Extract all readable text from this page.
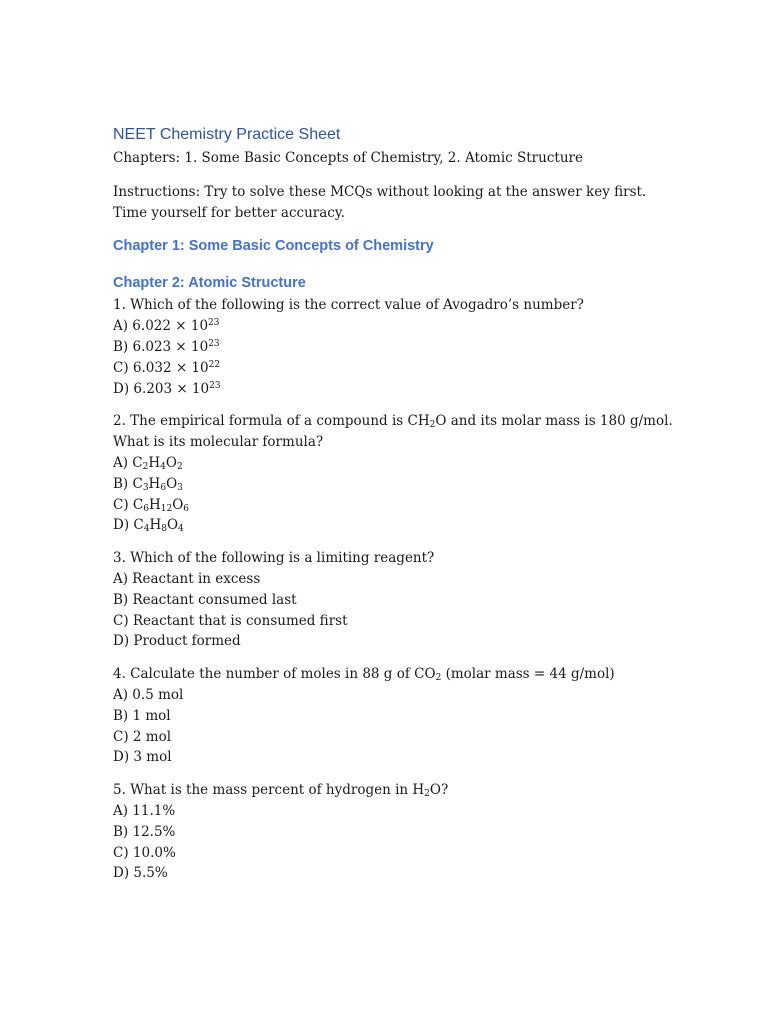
NEET Chemistry Practice Sheet

Chapters: 1. Some Basic Concepts of Chemistry, 2. Atomic Structure

Instructions: Try to solve these MCQs without looking at the answer key first. Time yourself for better accuracy.

Chapter 1: Some Basic Concepts of Chemistry
Chapter 2: Atomic Structure

1. Which of the following is the correct value of Avogadro’s number?

A) $6.022 \times 10^{23}$

B) $6.023 \times 10^{23}$

C) $6.032 \times 10^{22}$

D) $6.203 \times 10^{23}$

2. The empirical formula of a compound is $CH_2O$ and its molar mass is 180 g/mol.

What is its molecular formula?

A) $C_2H_4O_2$

B) $C_3H_6O_3$

C) $C_6H_{12}O_6$

D) $C_4H_8O_4$

3. Which of the following is a limiting reagent?

A) Reactant in excess

B) Reactant consumed last

C) Reactant that is consumed first

D) Product formed

4. Calculate the number of moles in 88 g of $CO_2$ (molar mass = 44 g/mol)

A) 0.5 mol

B) 1 mol

C) 2 mol

D) 3 mol

5. What is the mass percent of hydrogen in $H_2O$?

A) 11.1%

B) 12.5%

C) 10.0%

D) 5.5%
